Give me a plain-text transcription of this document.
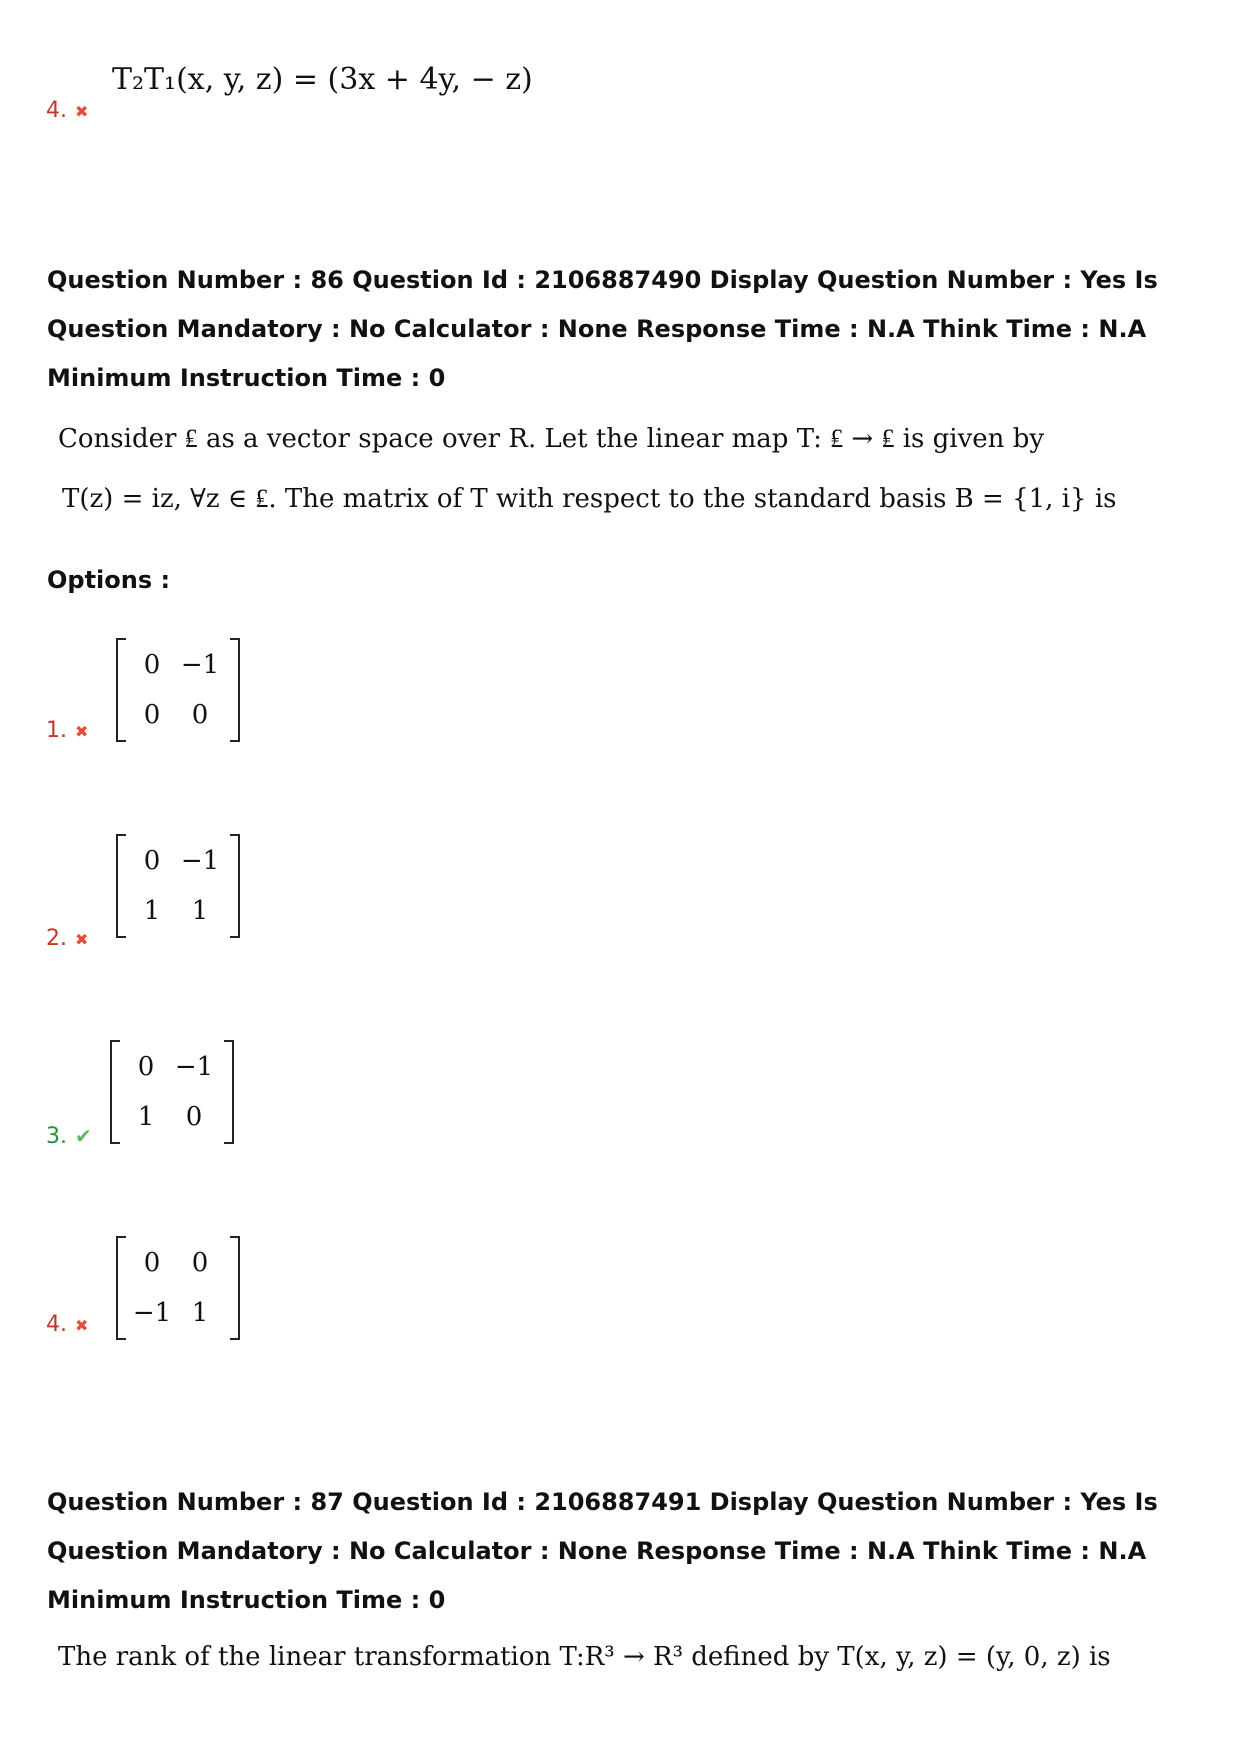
T₂T₁(x, y, z) = (3x + 4y, − z)
4. ✖
Question Number : 86 Question Id : 2106887490 Display Question Number : Yes Is Question Mandatory : No Calculator : None Response Time : N.A Think Time : N.A Minimum Instruction Time : 0
Consider ₤ as a vector space over R. Let the linear map T: ₤ → ₤ is given by
T(z) = iz, ∀z ∈ ₤. The matrix of T with respect to the standard basis B = {1, i} is
Options :
0 −1
0	0
1. ✖
0 −1
1	1
2. ✖
0 −1
1	0
3. ✔
0	0
−1 1
4. ✖
Question Number : 87 Question Id : 2106887491 Display Question Number : Yes Is Question Mandatory : No Calculator : None Response Time : N.A Think Time : N.A Minimum Instruction Time : 0
The rank of the linear transformation T:R³ → R³ defined by T(x, y, z) = (y, 0, z) is
